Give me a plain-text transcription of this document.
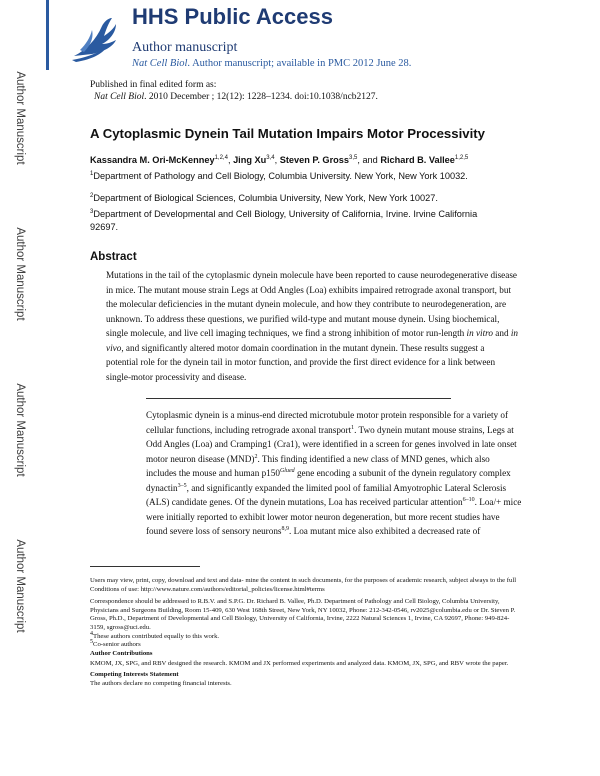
Author Manuscript
Author Manuscript
Author Manuscript
Author Manuscript
HHS Public Access
Author manuscript
Nat Cell Biol. Author manuscript; available in PMC 2012 June 28.
Published in final edited form as:
Nat Cell Biol. 2010 December ; 12(12): 1228–1234. doi:10.1038/ncb2127.
A Cytoplasmic Dynein Tail Mutation Impairs Motor Processivity
Kassandra M. Ori-McKenney$^{1,2,4}$, Jing Xu$^{3,4}$, Steven P. Gross$^{3,5}$, and Richard B. Vallee$^{1,2,5}$
$^1$Department of Pathology and Cell Biology, Columbia University. New York, New York 10032.
$^2$Department of Biological Sciences, Columbia University, New York, New York 10027.
$^3$Department of Developmental and Cell Biology, University of California, Irvine. Irvine California 92697.
Abstract
Mutations in the tail of the cytoplasmic dynein molecule have been reported to cause neurodegenerative disease in mice. The mutant mouse strain Legs at Odd Angles (Loa) exhibits impaired retrograde axonal transport, but the molecular deficiencies in the mutant dynein molecule, and how they contribute to neurodegeneration, are unknown. To address these questions, we purified wild-type and mutant mouse dynein. Using biochemical, single molecule, and live cell imaging techniques, we find a strong inhibition of motor run-length in vitro and in vivo, and significantly altered motor domain coordination in the mutant dynein. These results suggest a potential role for the dynein tail in motor function, and provide the first direct evidence for a link between single-motor processivity and disease.
Cytoplasmic dynein is a minus-end directed microtubule motor protein responsible for a variety of cellular functions, including retrograde axonal transport$^1$. Two dynein mutant mouse strains, Legs at Odd Angles (Loa) and Cramping1 (Cra1), were identified in a screen for genes involved in late onset motor neuron disease (MND)$^2$. This finding identified a new class of MND genes, which also includes the mouse and human $p150^{Glued}$ gene encoding a subunit of the dynein regulatory complex dynactin$^{3-5}$, and significantly expanded the limited pool of familial Amyotrophic Lateral Sclerosis (ALS) candidate genes. Of the dynein mutations, Loa has received particular attention$^{6-10}$. Loa/+ mice were initially reported to exhibit lower motor neuron degeneration, but more recent studies have found severe loss of sensory neurons$^{8,9}$. Loa mutant mice also exhibited a decreased rate of
Users may view, print, copy, download and text and data- mine the content in such documents, for the purposes of academic research, subject always to the full Conditions of use: http://www.nature.com/authors/editorial_policies/license.html#terms
Correspondence should be addressed to R.B.V. and S.P.G. Dr. Richard B. Vallee, Ph.D. Department of Pathology and Cell Biology, Columbia University, Physicians and Surgeons Building, Room 15-409, 630 West 168th Street, New York, NY 10032, Phone: 212-342-0546, rv2025@columbia.edu or Dr. Steven P. Gross, Ph.D., Department of Developmental and Cell Biology, University of California, Irvine, 2222 Natural Sciences 1, Irvine, CA 92697, Phone: 949-824-3159, sgross@uci.edu.
$^4$These authors contributed equally to this work.
$^5$Co-senior authors
Author Contributions
KMOM, JX, SPG, and RBV designed the research. KMOM and JX performed experiments and analyzed data. KMOM, JX, SPG, and RBV wrote the paper.
Competing Interests Statement
The authors declare no competing financial interests.
